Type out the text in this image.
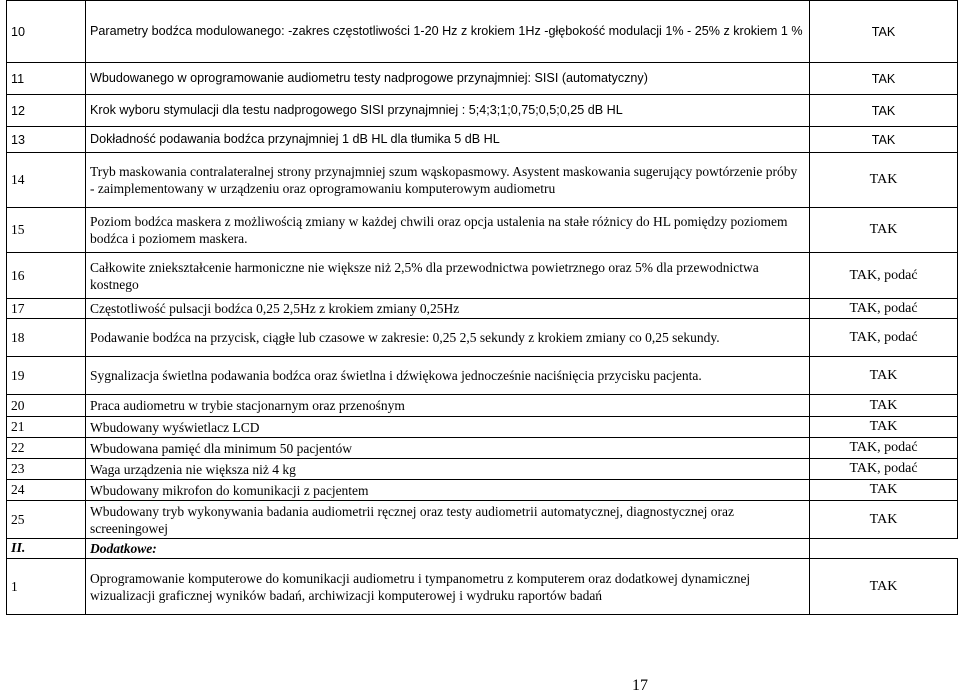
10	Parametry bodźca modulowanego: -zakres częstotliwości 1-20 Hz z krokiem 1Hz -głębokość modulacji 1% - 25% z krokiem 1 %	TAK
11	Wbudowanego w oprogramowanie audiometru testy nadprogowe przynajmniej: SISI (automatyczny)	TAK
12	Krok wyboru stymulacji dla testu nadprogowego SISI przynajmniej : 5;4;3;1;0,75;0,5;0,25 dB HL	TAK
13	Dokładność podawania bodźca przynajmniej 1 dB HL dla tłumika 5 dB HL	TAK
14	Tryb maskowania contralateralnej strony przynajmniej szum wąskopasmowy. Asystent maskowania sugerujący powtórzenie próby - zaimplementowany w urządzeniu oraz oprogramowaniu komputerowym audiometru	TAK
15	Poziom bodźca maskera z możliwością zmiany w każdej chwili oraz opcja ustalenia na stałe różnicy do HL pomiędzy poziomem bodźca i poziomem maskera.	TAK
16	Całkowite zniekształcenie harmoniczne nie większe niż 2,5% dla przewodnictwa powietrznego oraz 5% dla przewodnictwa kostnego	TAK, podać
17	Częstotliwość pulsacji bodźca 0,25 2,5Hz z krokiem zmiany 0,25Hz	TAK, podać
18	Podawanie bodźca na przycisk, ciągłe lub czasowe w zakresie: 0,25 2,5 sekundy z krokiem zmiany co 0,25 sekundy.	TAK, podać
19	Sygnalizacja świetlna podawania bodźca oraz świetlna i dźwiękowa jednocześnie naciśnięcia przycisku pacjenta.	TAK
20	Praca audiometru w trybie stacjonarnym oraz przenośnym	TAK
21	Wbudowany wyświetlacz LCD	TAK
22	Wbudowana pamięć dla minimum 50 pacjentów	TAK, podać
23	Waga urządzenia nie większa niż 4 kg	TAK, podać
24	Wbudowany mikrofon do komunikacji z pacjentem	TAK
25	Wbudowany tryb wykonywania badania audiometrii ręcznej oraz testy audiometrii automatycznej, diagnostycznej oraz screeningowej	TAK
II.	Dodatkowe:	
1	Oprogramowanie komputerowe do komunikacji audiometru i tympanometru z komputerem oraz dodatkowej dynamicznej wizualizacji graficznej wyników badań, archiwizacji komputerowej i wydruku raportów badań	TAK
17
